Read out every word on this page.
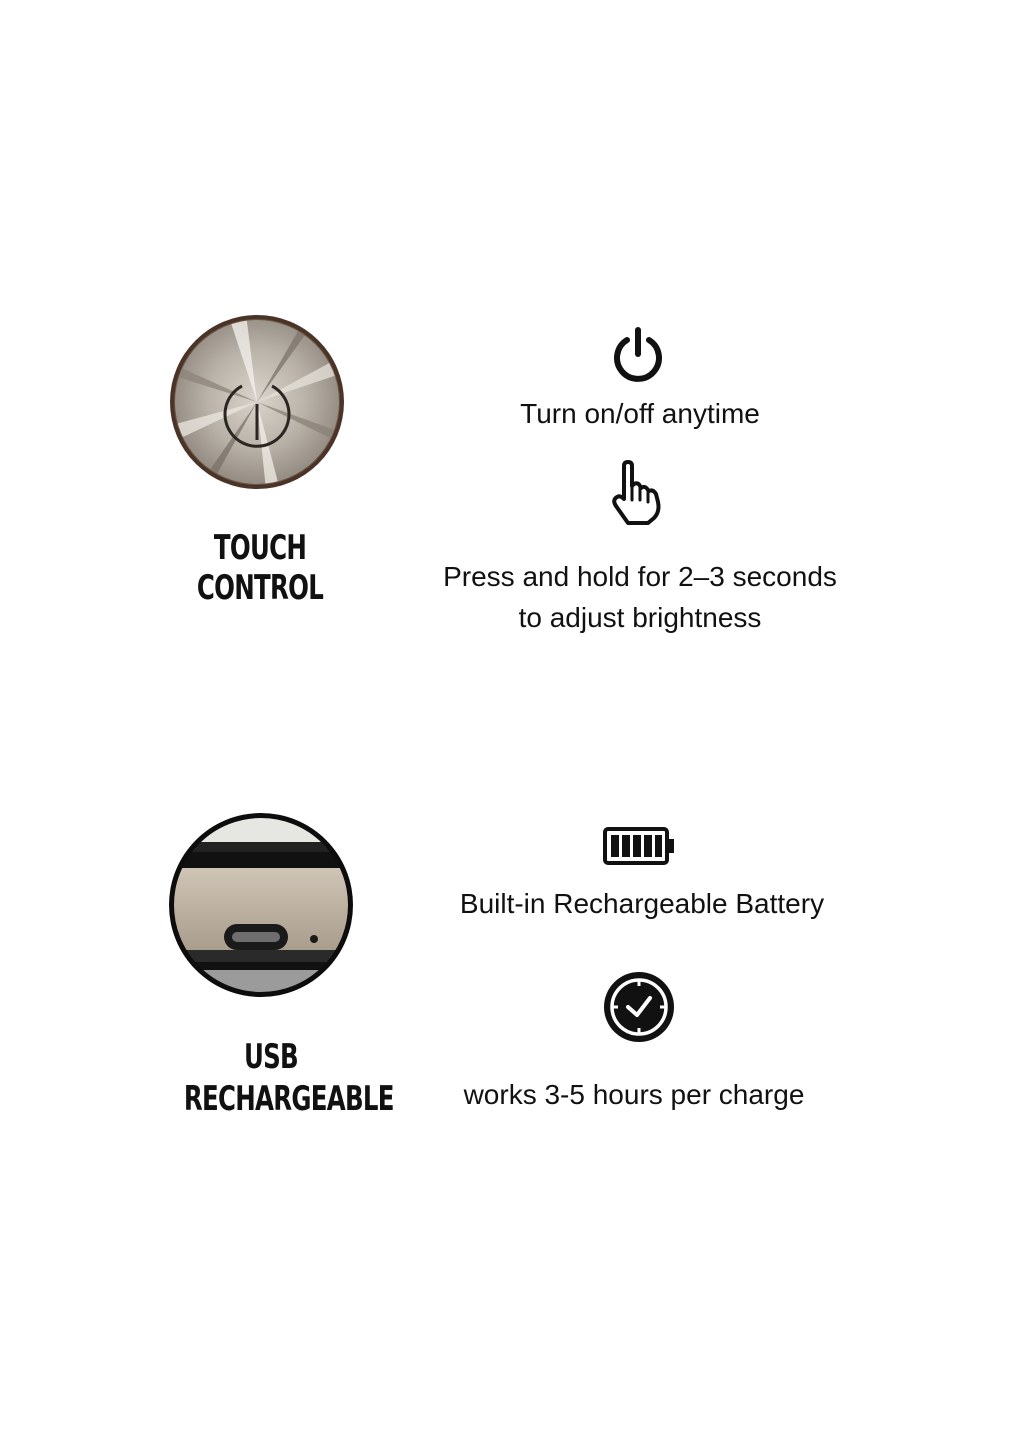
TOUCH
CONTROL
Turn on/off anytime
Press and hold for 2–3 seconds
to adjust brightness
USB
RECHARGEABLE
Built-in Rechargeable Battery
works 3-5 hours per charge
